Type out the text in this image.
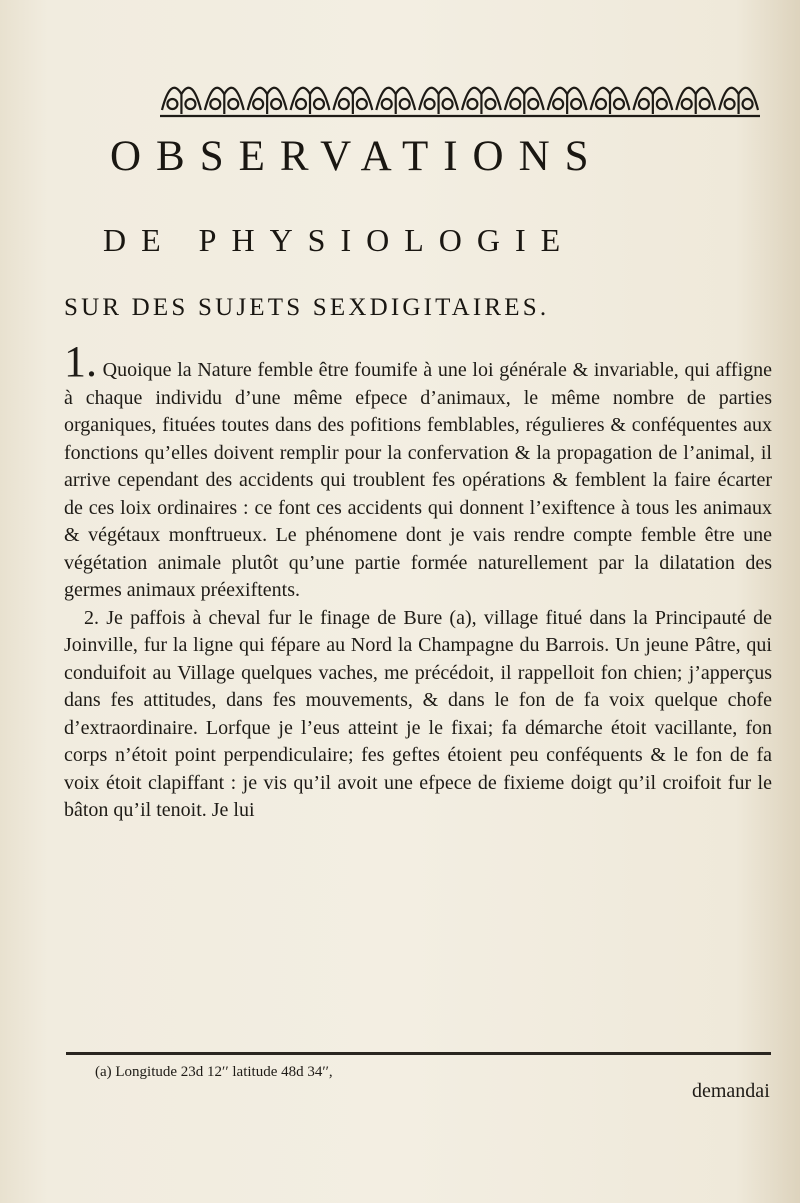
OBSERVATIONS
DE PHYSIOLOGIE
SUR DES SUJETS SEXDIGITAIRES.

1. Quoique la Nature femble être foumife à une loi générale & invariable, qui affigne à chaque individu d’une même efpece d’animaux, le même nombre de parties organiques, fituées toutes dans des pofitions femblables, régulieres & conféquentes aux fonctions qu’elles doivent remplir pour la confervation & la propagation de l’animal, il arrive cependant des accidents qui troublent fes opérations & femblent la faire écarter de ces loix ordinaires : ce font ces accidents qui donnent l’exiftence à tous les animaux & végétaux monftrueux. Le phénomene dont je vais rendre compte femble être une végétation animale plutôt qu’une partie formée naturellement par la dilatation des germes animaux préexiftents.

2. Je paffois à cheval fur le finage de Bure (a), village fitué dans la Principauté de Joinville, fur la ligne qui fépare au Nord la Champagne du Barrois. Un jeune Pâtre, qui conduifoit au Village quelques vaches, me précédoit, il rappelloit fon chien; j’apperçus dans fes attitudes, dans fes mouvements, & dans le fon de fa voix quelque chofe d’extraordinaire. Lorfque je l’eus atteint je le fixai; fa démarche étoit vacillante, fon corps n’étoit point perpendiculaire; fes geftes étoient peu conféquents & le fon de fa voix étoit clapiffant : je vis qu’il avoit une efpece de fixieme doigt qu’il croifoit fur le bâton qu’il tenoit. Je lui

(a) Longitude 23d 12′′ latitude 48d 34′′,
demandai
